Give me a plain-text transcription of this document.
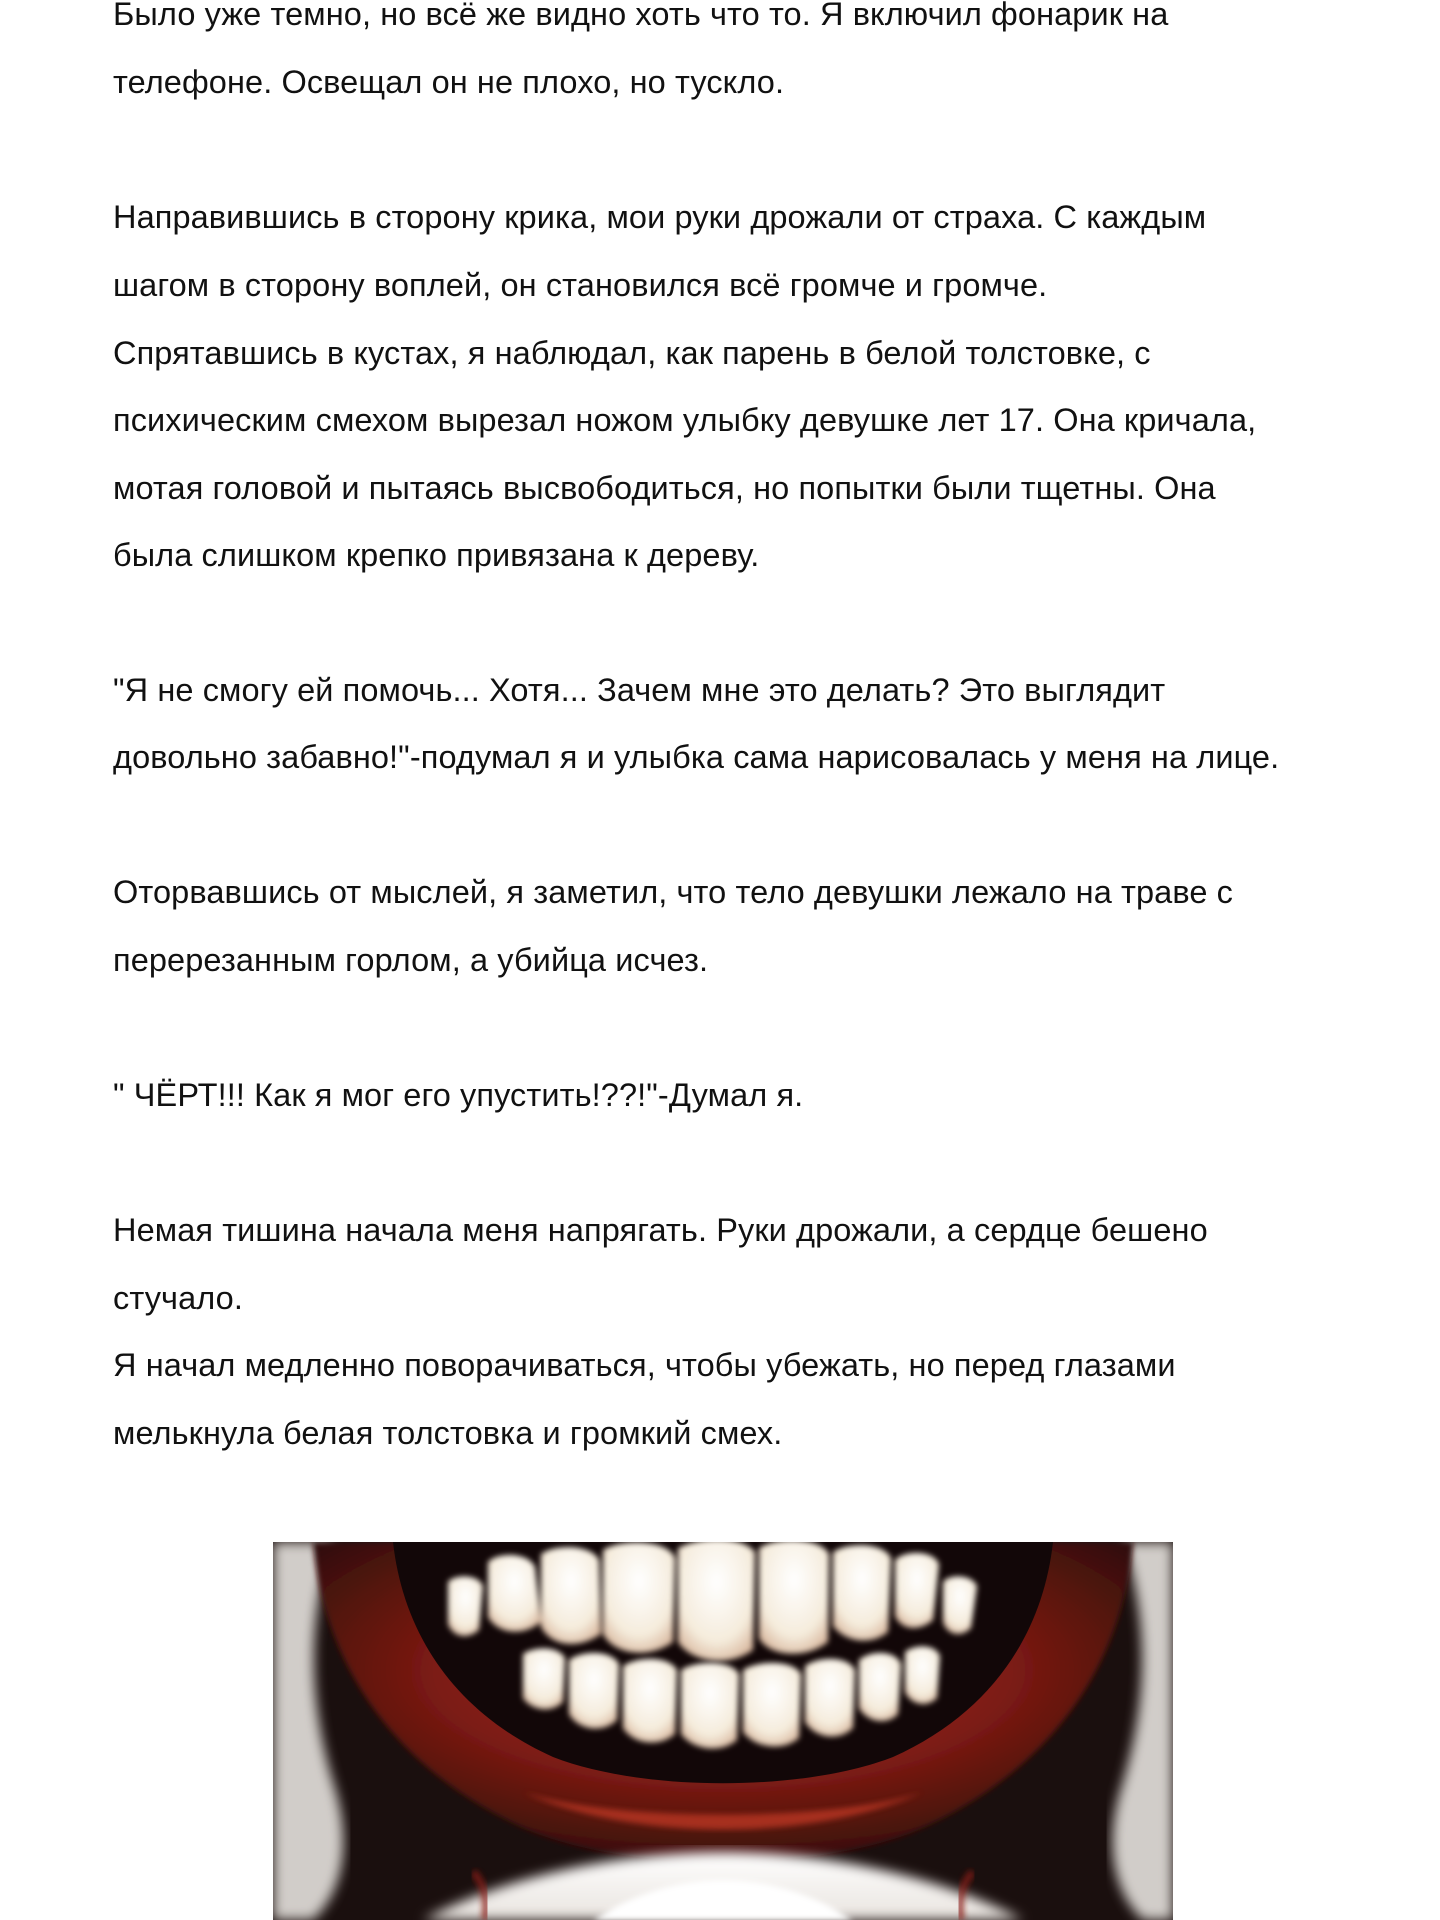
Было уже темно, но всё же видно хоть что то. Я включил фонарик на
телефоне. Освещал он не плохо, но тускло.
Направившись в сторону крика, мои руки дрожали от страха. С каждым
шагом в сторону воплей, он становился всё громче и громче.
Спрятавшись в кустах, я наблюдал, как парень в белой толстовке, с
психическим смехом вырезал ножом улыбку девушке лет 17. Она кричала,
мотая головой и пытаясь высвободиться, но попытки были тщетны. Она
была слишком крепко привязана к дереву.
"Я не смогу ей помочь... Хотя... Зачем мне это делать? Это выглядит
довольно забавно!"-подумал я и улыбка сама нарисовалась у меня на лице.
Оторвавшись от мыслей, я заметил, что тело девушки лежало на траве с
перерезанным горлом, а убийца исчез.
" ЧЁРТ!!! Как я мог его упустить!??!"-Думал я.
Немая тишина начала меня напрягать. Руки дрожали, а сердце бешено
стучало.
Я начал медленно поворачиваться, чтобы убежать, но перед глазами
мелькнула белая толстовка и громкий смех.
